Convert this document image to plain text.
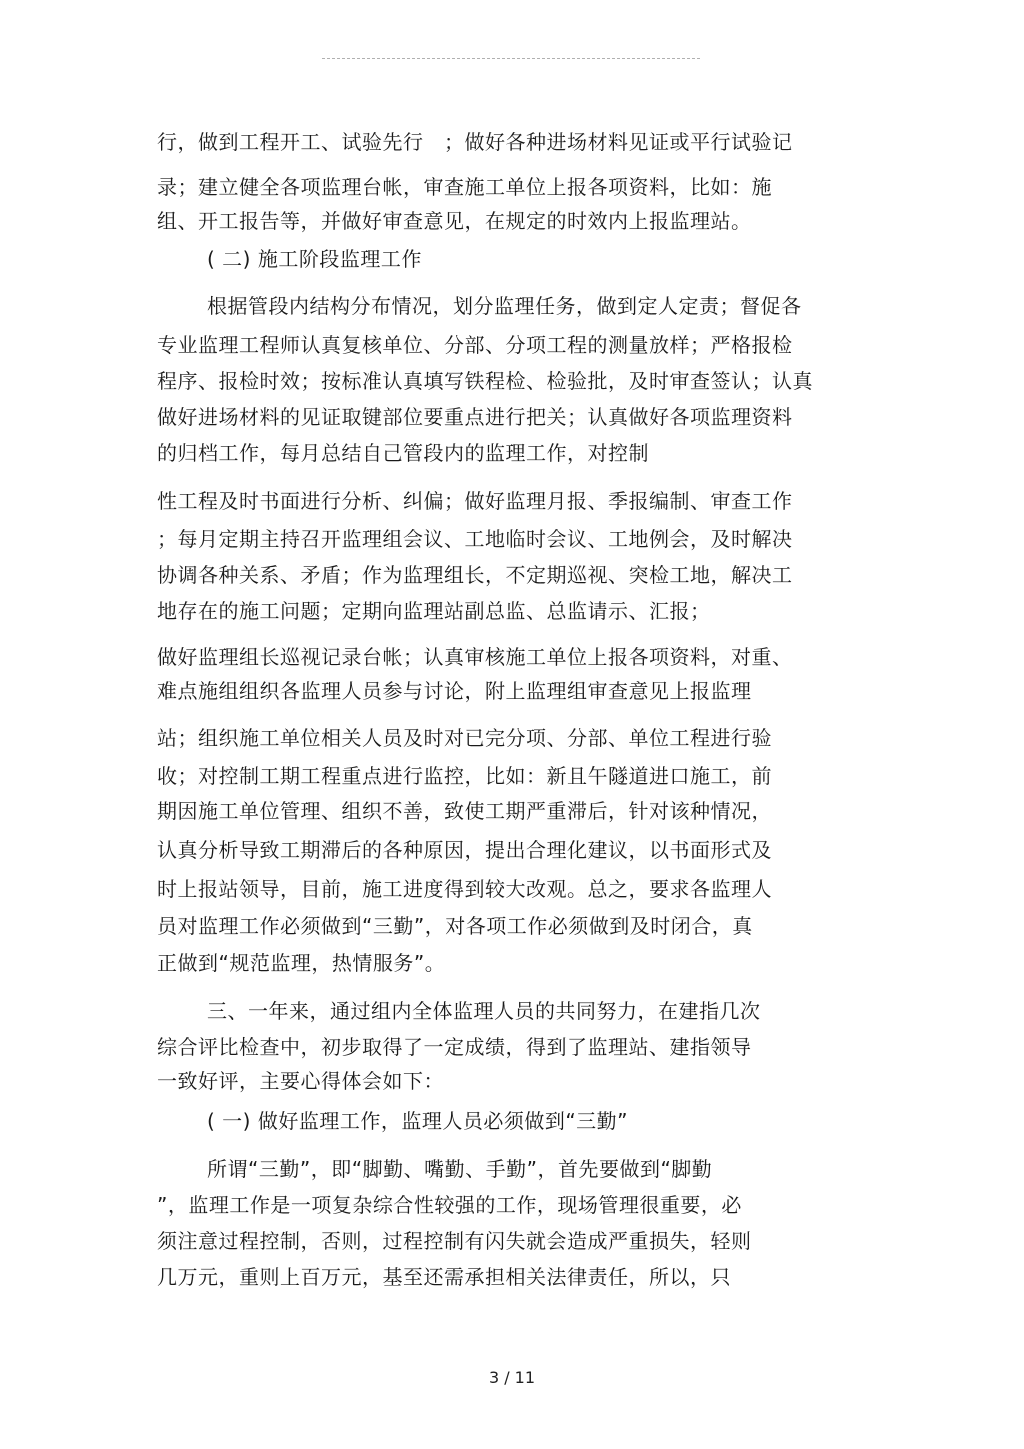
行，做到工程开工、试验先行　；做好各种进场材料见证或平行试验记
录；建立健全各项监理台帐，审查施工单位上报各项资料，比如：施
组、开工报告等，并做好审查意见，在规定的时效内上报监理站。
( 二) 施工阶段监理工作
根据管段内结构分布情况，划分监理任务，做到定人定责；督促各
专业监理工程师认真复核单位、分部、分项工程的测量放样；严格报检
程序、报检时效；按标准认真填写铁程检、检验批，及时审查签认；认真
做好进场材料的见证取键部位要重点进行把关；认真做好各项监理资料
的归档工作，每月总结自己管段内的监理工作，对控制
性工程及时书面进行分析、纠偏；做好监理月报、季报编制、审查工作
；每月定期主持召开监理组会议、工地临时会议、工地例会，及时解决
协调各种关系、矛盾；作为监理组长，不定期巡视、突检工地，解决工
地存在的施工问题；定期向监理站副总监、总监请示、汇报；
做好监理组长巡视记录台帐；认真审核施工单位上报各项资料，对重、
难点施组组织各监理人员参与讨论，附上监理组审查意见上报监理
站；组织施工单位相关人员及时对已完分项、分部、单位工程进行验
收；对控制工期工程重点进行监控，比如：新且午隧道进口施工，前
期因施工单位管理、组织不善，致使工期严重滞后，针对该种情况，
认真分析导致工期滞后的各种原因，提出合理化建议，以书面形式及
时上报站领导，目前，施工进度得到较大改观。总之，要求各监理人
员对监理工作必须做到“三勤”，对各项工作必须做到及时闭合，真
正做到“规范监理，热情服务”。
三、一年来，通过组内全体监理人员的共同努力，在建指几次
综合评比检查中，初步取得了一定成绩，得到了监理站、建指领导
一致好评，主要心得体会如下：
( 一) 做好监理工作，监理人员必须做到“三勤”
所谓“三勤”，即“脚勤、嘴勤、手勤”，首先要做到“脚勤
”，监理工作是一项复杂综合性较强的工作，现场管理很重要，必
须注意过程控制，否则，过程控制有闪失就会造成严重损失，轻则
几万元，重则上百万元，基至还需承担相关法律责任，所以，只
3 / 11
